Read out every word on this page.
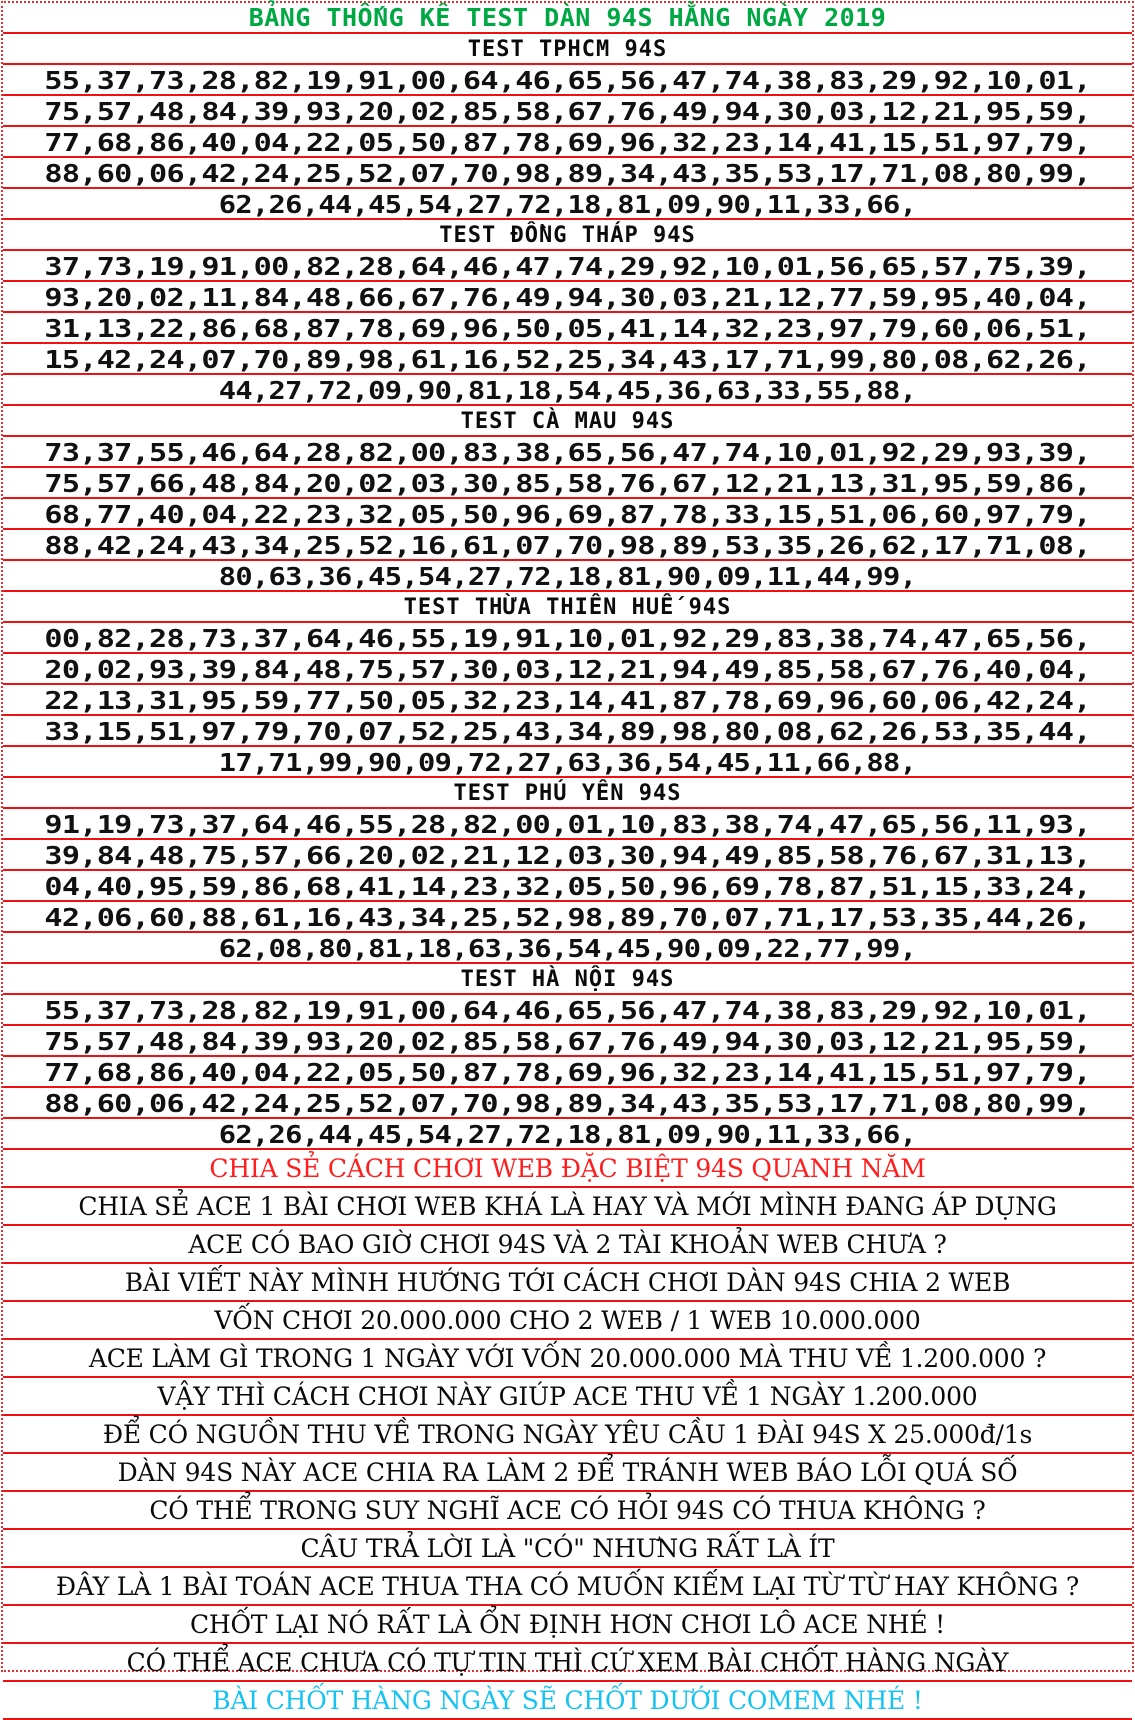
BẢNG THỐNG KÊ TEST DÀN 94S HẰNG NGÀY 2019
TEST TPHCM 94S
55,37,73,28,82,19,91,00,64,46,65,56,47,74,38,83,29,92,10,01,
75,57,48,84,39,93,20,02,85,58,67,76,49,94,30,03,12,21,95,59,
77,68,86,40,04,22,05,50,87,78,69,96,32,23,14,41,15,51,97,79,
88,60,06,42,24,25,52,07,70,98,89,34,43,35,53,17,71,08,80,99,
62,26,44,45,54,27,72,18,81,09,90,11,33,66,
TEST ĐỒNG THÁP 94S
37,73,19,91,00,82,28,64,46,47,74,29,92,10,01,56,65,57,75,39,
93,20,02,11,84,48,66,67,76,49,94,30,03,21,12,77,59,95,40,04,
31,13,22,86,68,87,78,69,96,50,05,41,14,32,23,97,79,60,06,51,
15,42,24,07,70,89,98,61,16,52,25,34,43,17,71,99,80,08,62,26,
44,27,72,09,90,81,18,54,45,36,63,33,55,88,
TEST CÀ MAU 94S
73,37,55,46,64,28,82,00,83,38,65,56,47,74,10,01,92,29,93,39,
75,57,66,48,84,20,02,03,30,85,58,76,67,12,21,13,31,95,59,86,
68,77,40,04,22,23,32,05,50,96,69,87,78,33,15,51,06,60,97,79,
88,42,24,43,34,25,52,16,61,07,70,98,89,53,35,26,62,17,71,08,
80,63,36,45,54,27,72,18,81,90,09,11,44,99,
TEST THỪA THIÊN HUẾ 94S
00,82,28,73,37,64,46,55,19,91,10,01,92,29,83,38,74,47,65,56,
20,02,93,39,84,48,75,57,30,03,12,21,94,49,85,58,67,76,40,04,
22,13,31,95,59,77,50,05,32,23,14,41,87,78,69,96,60,06,42,24,
33,15,51,97,79,70,07,52,25,43,34,89,98,80,08,62,26,53,35,44,
17,71,99,90,09,72,27,63,36,54,45,11,66,88,
TEST PHÚ YÊN 94S
91,19,73,37,64,46,55,28,82,00,01,10,83,38,74,47,65,56,11,93,
39,84,48,75,57,66,20,02,21,12,03,30,94,49,85,58,76,67,31,13,
04,40,95,59,86,68,41,14,23,32,05,50,96,69,78,87,51,15,33,24,
42,06,60,88,61,16,43,34,25,52,98,89,70,07,71,17,53,35,44,26,
62,08,80,81,18,63,36,54,45,90,09,22,77,99,
TEST HÀ NỘI 94S
55,37,73,28,82,19,91,00,64,46,65,56,47,74,38,83,29,92,10,01,
75,57,48,84,39,93,20,02,85,58,67,76,49,94,30,03,12,21,95,59,
77,68,86,40,04,22,05,50,87,78,69,96,32,23,14,41,15,51,97,79,
88,60,06,42,24,25,52,07,70,98,89,34,43,35,53,17,71,08,80,99,
62,26,44,45,54,27,72,18,81,09,90,11,33,66,
CHIA SẺ CÁCH CHƠI WEB ĐẶC BIỆT 94S QUANH NĂM
CHIA SẺ ACE 1 BÀI CHƠI WEB KHÁ LÀ HAY VÀ MỚI MÌNH ĐANG ÁP DỤNG
ACE CÓ BAO GIỜ CHƠI 94S VÀ 2 TÀI KHOẢN WEB CHƯA ?
BÀI VIẾT NÀY MÌNH HƯỚNG TỚI CÁCH CHƠI DÀN 94S CHIA 2 WEB
VỐN CHƠI 20.000.000 CHO 2 WEB / 1 WEB 10.000.000
ACE LÀM GÌ TRONG 1 NGÀY VỚI VỐN 20.000.000 MÀ THU VỀ 1.200.000 ?
VẬY THÌ CÁCH CHƠI NÀY GIÚP ACE THU VỀ 1 NGÀY 1.200.000
ĐỂ CÓ NGUỒN THU VỀ TRONG NGÀY YÊU CẦU 1 ĐÀI 94S X 25.000đ/1s
DÀN 94S NÀY ACE CHIA RA LÀM 2 ĐỂ TRÁNH WEB BÁO LỖI QUÁ SỐ
CÓ THỂ TRONG SUY NGHĨ ACE CÓ HỎI 94S CÓ THUA KHÔNG ?
CÂU TRẢ LỜI LÀ "CÓ" NHƯNG RẤT LÀ ÍT
ĐÂY LÀ 1 BÀI TOÁN ACE THUA THA CÓ MUỐN KIẾM LẠI TỪ TỪ HAY KHÔNG ?
CHỐT LẠI NÓ RẤT LÀ ỔN ĐỊNH HƠN CHƠI LÔ ACE NHÉ !
CÓ THỂ ACE CHƯA CÓ TỰ TIN THÌ CỨ XEM BÀI CHỐT HÀNG NGÀY
BÀI CHỐT HÀNG NGÀY SẼ CHỐT DƯỚI COMEM NHÉ !
